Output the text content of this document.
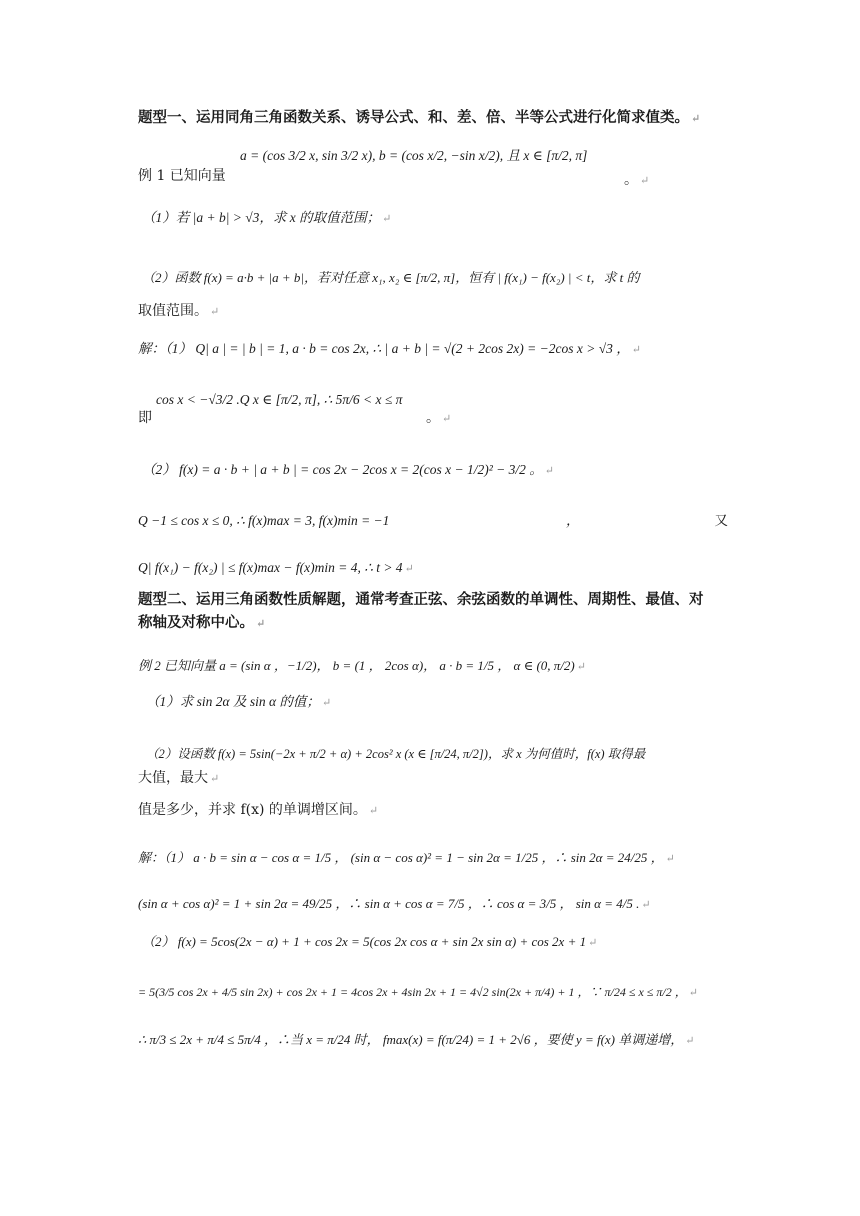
题型一、运用同角三角函数关系、诱导公式、和、差、倍、半等公式进行化简求值类。 ↵
a = (cos 3/2 x, sin 3/2 x), b = (cos x/2, −sin x/2), 且 x ∈ [π/2, π]
例 1 已知向量	。 ↵
（1）若 |a + b| > √3，求 x 的取值范围； ↵
（2）函数 f(x) = a·b + |a + b|，若对任意 x₁, x₂ ∈ [π/2, π]，恒有 | f(x₁) − f(x₂) | < t，求 t 的
取值范围。 ↵
解：（1） Q| a | = | b | = 1, a · b = cos 2x, ∴ | a + b | = √(2 + 2cos 2x) = −2cos x > √3 ， ↵
cos x < −√3/2 .Q x ∈ [π/2, π], ∴ 5π/6 < x ≤ π
即	。 ↵
（2） f(x) = a · b + | a + b | = cos 2x − 2cos x = 2(cos x − 1/2)² − 3/2 。 ↵
Q −1 ≤ cos x ≤ 0, ∴ f(x)max = 3, f(x)min = −1	，	又
Q| f(x₁) − f(x₂) | ≤ f(x)max − f(x)min = 4, ∴ t > 4 ↵
题型二、运用三角函数性质解题，通常考查正弦、余弦函数的单调性、周期性、最值、对
称轴及对称中心。 ↵
例 2 已知向量 a = (sin α ，−1/2)， b = (1 ， 2cos α)， a · b = 1/5 ， α ∈ (0, π/2) ↵
（1）求 sin 2α 及 sin α 的值； ↵
（2）设函数 f(x) = 5sin(−2x + π/2 + α) + 2cos² x (x ∈ [π/24, π/2])，求 x 为何值时，f(x) 取得最
大值，最大 ↵
值是多少，并求 f(x) 的单调增区间。 ↵
解：（1） a · b = sin α − cos α = 1/5 ， (sin α − cos α)² = 1 − sin 2α = 1/25 ，∴ sin 2α = 24/25 ， ↵
(sin α + cos α)² = 1 + sin 2α = 49/25 ，∴ sin α + cos α = 7/5 ，∴ cos α = 3/5 ， sin α = 4/5 . ↵
（2） f(x) = 5cos(2x − α) + 1 + cos 2x = 5(cos 2x cos α + sin 2x sin α) + cos 2x + 1 ↵
= 5(3/5 cos 2x + 4/5 sin 2x) + cos 2x + 1 = 4cos 2x + 4sin 2x + 1 = 4√2 sin(2x + π/4) + 1 ，∵ π/24 ≤ x ≤ π/2 ， ↵
∴ π/3 ≤ 2x + π/4 ≤ 5π/4 ，∴当 x = π/24 时， fmax(x) = f(π/24) = 1 + 2√6 ，要使 y = f(x) 单调递增， ↵
